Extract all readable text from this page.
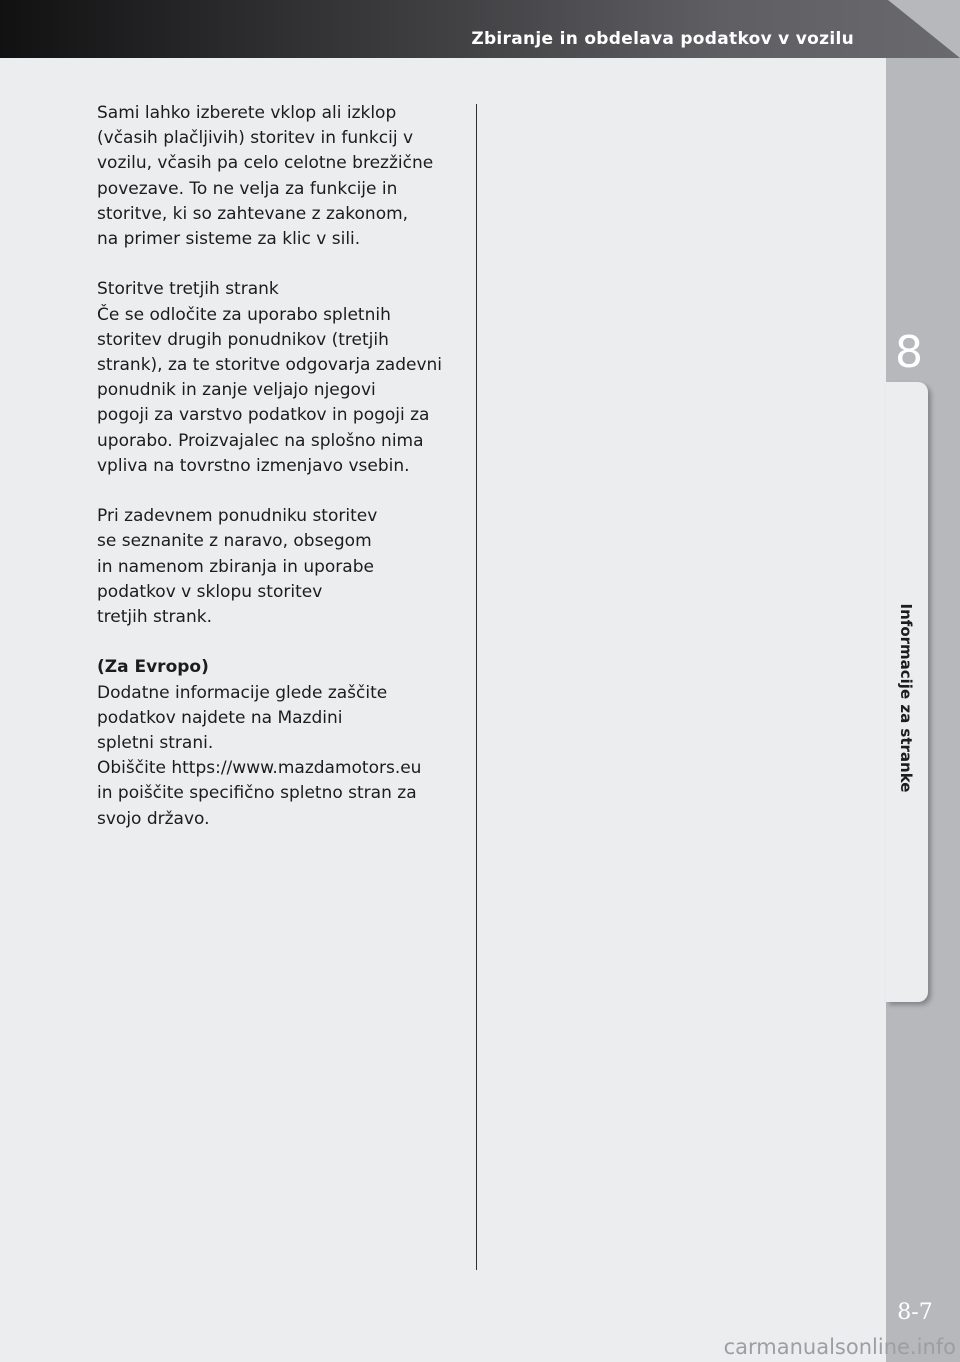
Zbiranje in obdelava podatkov v vozilu
8
Informacije za stranke
8-7

Sami lahko izberete vklop ali izklop
(včasih plačljivih) storitev in funkcij v
vozilu, včasih pa celo celotne brezžične
povezave. To ne velja za funkcije in
storitve, ki so zahtevane z zakonom,
na primer sisteme za klic v sili.

Storitve tretjih strank

Če se odločite za uporabo spletnih
storitev drugih ponudnikov (tretjih
strank), za te storitve odgovarja zadevni
ponudnik in zanje veljajo njegovi
pogoji za varstvo podatkov in pogoji za
uporabo. Proizvajalec na splošno nima
vpliva na tovrstno izmenjavo vsebin.

Pri zadevnem ponudniku storitev
se seznanite z naravo, obsegom
in namenom zbiranja in uporabe
podatkov v sklopu storitev
tretjih strank.

(Za Evropo)

Dodatne informacije glede zaščite
podatkov najdete na Mazdini
spletni strani.
Obiščite https://www.mazdamotors.eu
in poiščite specifično spletno stran za
svojo državo.

carmanualsonline.info
